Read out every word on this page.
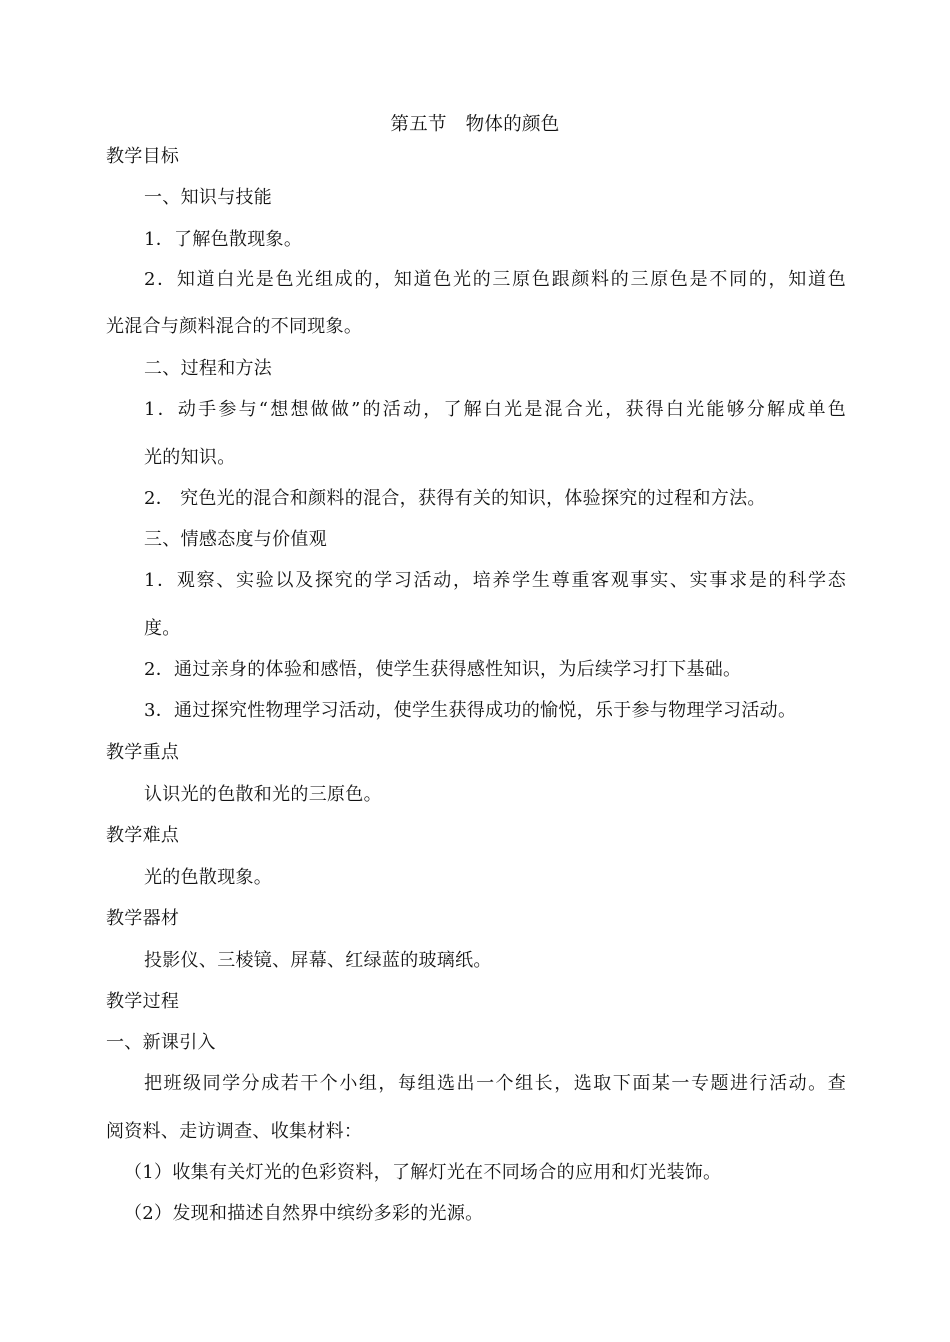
第五节　物体的颜色
教学目标
一、知识与技能
1．了解色散现象。
2．知道白光是色光组成的，知道色光的三原色跟颜料的三原色是不同的，知道色
光混合与颜料混合的不同现象。
二、过程和方法
1．动手参与“想想做做”的活动，了解白光是混合光，获得白光能够分解成单色
光的知识。
2． 究色光的混合和颜料的混合，获得有关的知识，体验探究的过程和方法。
三、情感态度与价值观
1．观察、实验以及探究的学习活动，培养学生尊重客观事实、实事求是的科学态
度。
2．通过亲身的体验和感悟，使学生获得感性知识，为后续学习打下基础。
3．通过探究性物理学习活动，使学生获得成功的愉悦，乐于参与物理学习活动。
教学重点
认识光的色散和光的三原色。
教学难点
光的色散现象。
教学器材
投影仪、三棱镜、屏幕、红绿蓝的玻璃纸。
教学过程
一、新课引入
把班级同学分成若干个小组，每组选出一个组长，选取下面某一专题进行活动。查
阅资料、走访调查、收集材料：
（1）收集有关灯光的色彩资料，了解灯光在不同场合的应用和灯光装饰。
（2）发现和描述自然界中缤纷多彩的光源。
